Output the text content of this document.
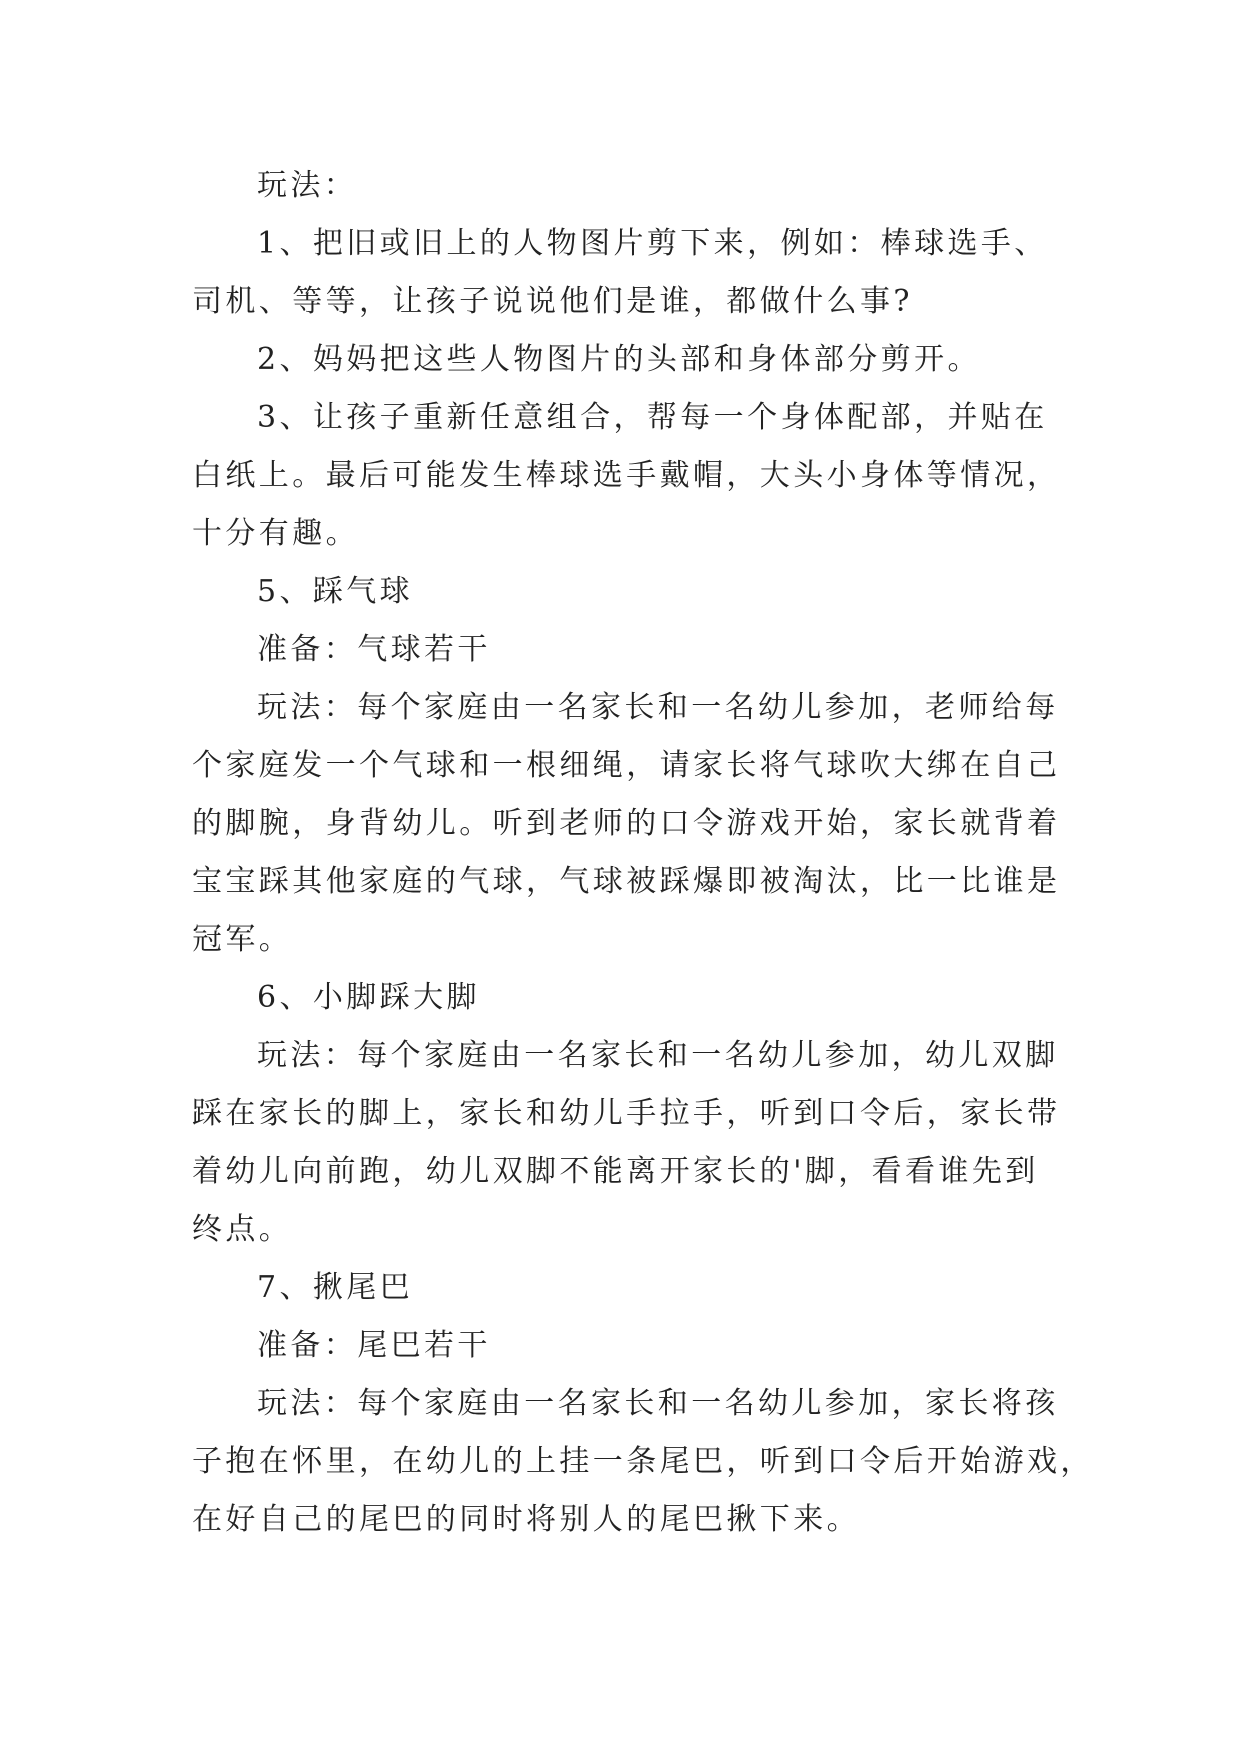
玩法：
1、把旧或旧上的人物图片剪下来，例如：棒球选手、
司机、等等，让孩子说说他们是谁，都做什么事?
2、妈妈把这些人物图片的头部和身体部分剪开。
3、让孩子重新任意组合，帮每一个身体配部，并贴在
白纸上。最后可能发生棒球选手戴帽，大头小身体等情况，
十分有趣。
5、踩气球
准备：气球若干
玩法：每个家庭由一名家长和一名幼儿参加，老师给每
个家庭发一个气球和一根细绳，请家长将气球吹大绑在自己
的脚腕，身背幼儿。听到老师的口令游戏开始，家长就背着
宝宝踩其他家庭的气球，气球被踩爆即被淘汰，比一比谁是
冠军。
6、小脚踩大脚
玩法：每个家庭由一名家长和一名幼儿参加，幼儿双脚
踩在家长的脚上，家长和幼儿手拉手，听到口令后，家长带
着幼儿向前跑，幼儿双脚不能离开家长的'脚，看看谁先到
终点。
7、揪尾巴
准备：尾巴若干
玩法：每个家庭由一名家长和一名幼儿参加，家长将孩
子抱在怀里，在幼儿的上挂一条尾巴，听到口令后开始游戏，
在好自己的尾巴的同时将别人的尾巴揪下来。
